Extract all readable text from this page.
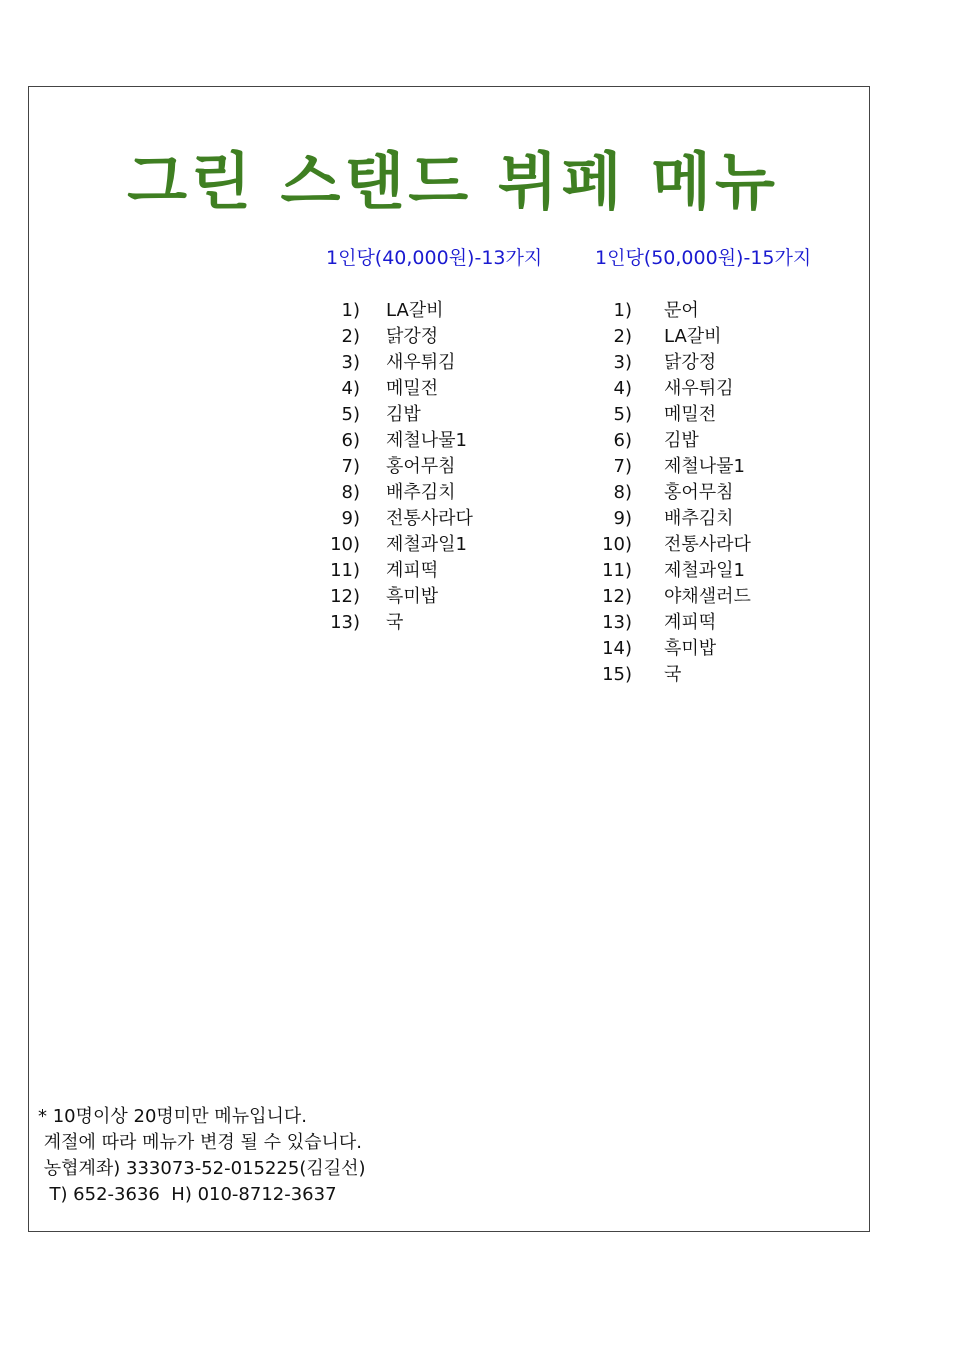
그린 스탠드 뷔페 메뉴
1인당(40,000원)-13가지	1인당(50,000원)-15가지
1) LA갈비
2) 닭강정
3) 새우튀김
4) 메밀전
5) 김밥
6) 제철나물1
7) 홍어무침
8) 배추김치
9) 전통사라다
10) 제철과일1
11) 계피떡
12) 흑미밥
13) 국
1) 문어
2) LA갈비
3) 닭강정
4) 새우튀김
5) 메밀전
6) 김밥
7) 제철나물1
8) 홍어무침
9) 배추김치
10) 전통사라다
11) 제철과일1
12) 야채샐러드
13) 계피떡
14) 흑미밥
15) 국
* 10명이상 20명미만 메뉴입니다.
계절에 따라 메뉴가 변경 될 수 있습니다.
농협계좌) 333073-52-015225(김길선)
T) 652-3636  H) 010-8712-3637
